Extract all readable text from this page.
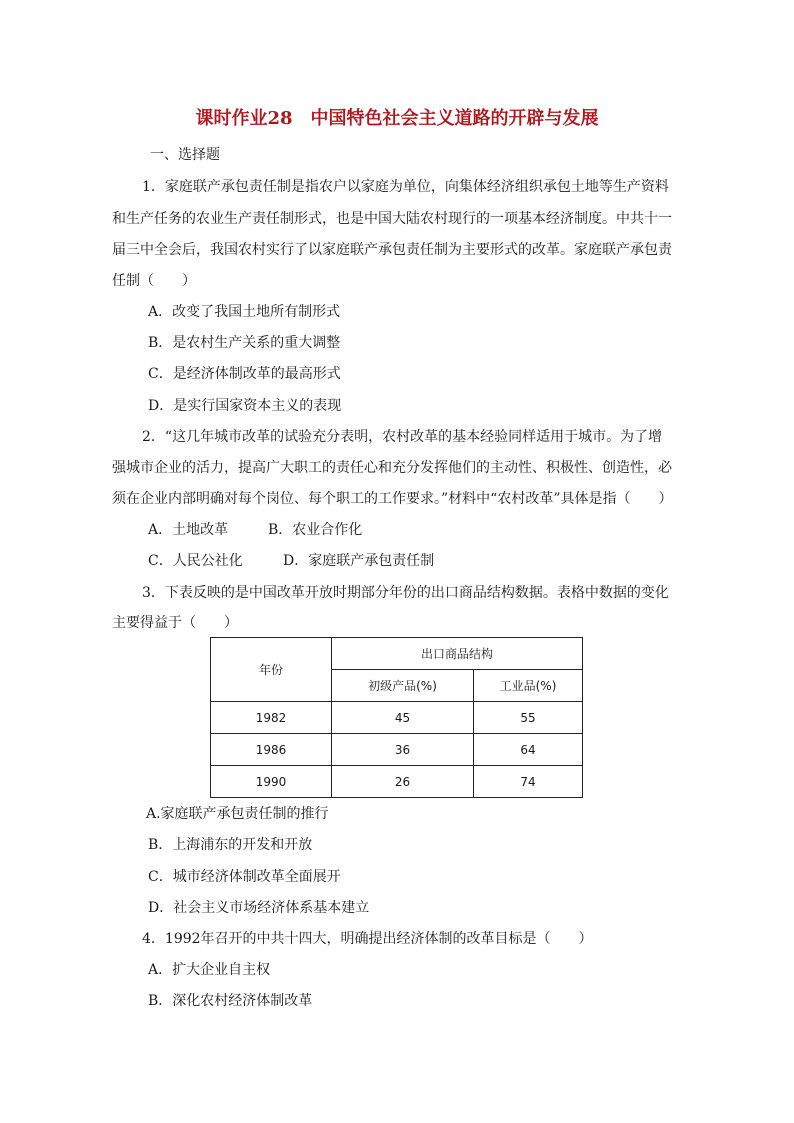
课时作业28　中国特色社会主义道路的开辟与发展
一、选择题
1．家庭联产承包责任制是指农户以家庭为单位，向集体经济组织承包土地等生产资料
和生产任务的农业生产责任制形式，也是中国大陆农村现行的一项基本经济制度。中共十一
届三中全会后，我国农村实行了以家庭联产承包责任制为主要形式的改革。家庭联产承包责
任制（　　）
A．改变了我国土地所有制形式
B．是农村生产关系的重大调整
C．是经济体制改革的最高形式
D．是实行国家资本主义的表现
2．“这几年城市改革的试验充分表明，农村改革的基本经验同样适用于城市。为了增
强城市企业的活力，提高广大职工的责任心和充分发挥他们的主动性、积极性、创造性，必
须在企业内部明确对每个岗位、每个职工的工作要求。”材料中“农村改革”具体是指（　　）
A．土地改革	B．农业合作化
C．人民公社化	D．家庭联产承包责任制
3．下表反映的是中国改革开放时期部分年份的出口商品结构数据。表格中数据的变化
主要得益于（　　）
年份	出口商品结构	
	初级产品(%)	工业品(%)
1982	45	55
1986	36	64
1990	26	74
A.家庭联产承包责任制的推行
B．上海浦东的开发和开放
C．城市经济体制改革全面展开
D．社会主义市场经济体系基本建立
4．1992年召开的中共十四大，明确提出经济体制的改革目标是（　　）
A．扩大企业自主权
B．深化农村经济体制改革
